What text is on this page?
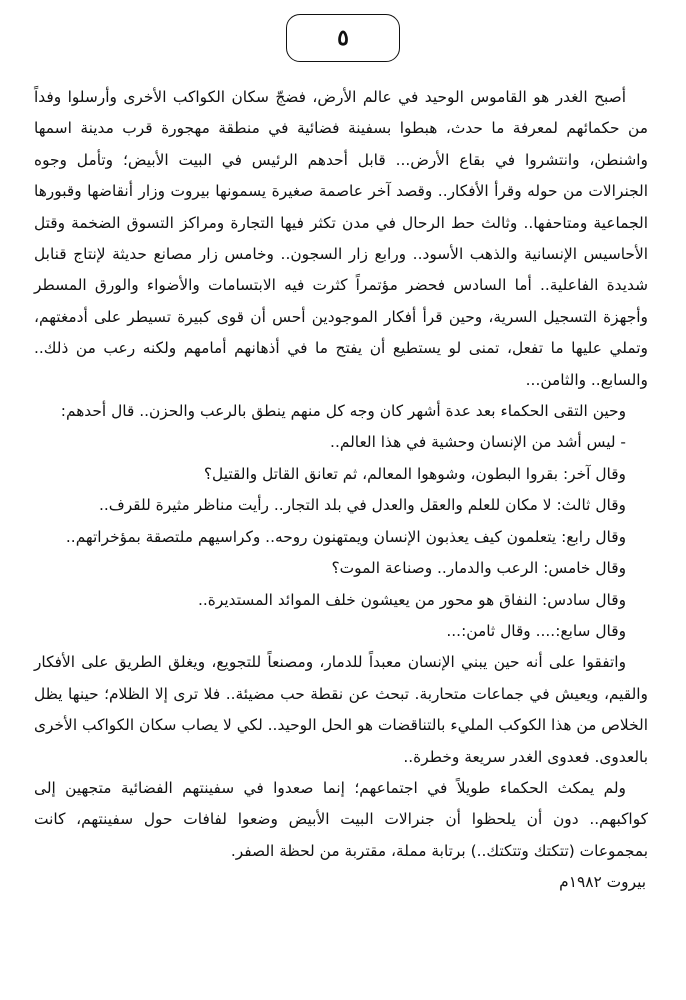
٥

أصبح الغدر هو القاموس الوحيد في عالم الأرض، فضجّ سكان الكواكب الأخرى وأرسلوا وفداً من حكمائهم لمعرفة ما حدث، هبطوا بسفينة فضائية في منطقة مهجورة قرب مدينة اسمها واشنطن، وانتشروا في بقاع الأرض... قابل أحدهم الرئيس في البيت الأبيض؛ وتأمل وجوه الجنرالات من حوله وقرأ الأفكار.. وقصد آخر عاصمة صغيرة يسمونها بيروت وزار أنقاضها وقبورها الجماعية ومتاحفها.. وثالث حط الرحال في مدن تكثر فيها التجارة ومراكز التسوق الضخمة وقتل الأحاسيس الإنسانية والذهب الأسود.. ورابع زار السجون.. وخامس زار مصانع حديثة لإنتاج قنابل شديدة الفاعلية.. أما السادس فحضر مؤتمراً كثرت فيه الابتسامات والأضواء والورق المسطر وأجهزة التسجيل السرية، وحين قرأ أفكار الموجودين أحس أن قوى كبيرة تسيطر على أدمغتهم، وتملي عليها ما تفعل، تمنى لو يستطيع أن يفتح ما في أذهانهم أمامهم ولكنه رعب من ذلك.. والسابع.. والثامن...

وحين التقى الحكماء بعد عدة أشهر كان وجه كل منهم ينطق بالرعب والحزن.. قال أحدهم:

- ليس أشد من الإنسان وحشية في هذا العالم..

وقال آخر: بقروا البطون، وشوهوا المعالم، ثم تعانق القاتل والقتيل؟

وقال ثالث: لا مكان للعلم والعقل والعدل في بلد التجار.. رأيت مناظر مثيرة للقرف..

وقال رابع: يتعلمون كيف يعذبون الإنسان ويمتهنون روحه.. وكراسيهم ملتصقة بمؤخراتهم..

وقال خامس: الرعب والدمار.. وصناعة الموت؟

وقال سادس: النفاق هو محور من يعيشون خلف الموائد المستديرة..

وقال سابع:.... وقال ثامن:...

واتفقوا على أنه حين يبني الإنسان معبداً للدمار، ومصنعاً للتجويع، ويغلق الطريق على الأفكار والقيم، ويعيش في جماعات متحاربة. تبحث عن نقطة حب مضيئة.. فلا ترى إلا الظلام؛ حينها يظل الخلاص من هذا الكوكب المليء بالتناقضات هو الحل الوحيد.. لكي لا يصاب سكان الكواكب الأخرى بالعدوى. فعدوى الغدر سريعة وخطرة..

ولم يمكث الحكماء طويلاً في اجتماعهم؛ إنما صعدوا في سفينتهم الفضائية متجهين إلى كواكبهم.. دون أن يلحظوا أن جنرالات البيت الأبيض وضعوا لفافات حول سفينتهم، كانت بمجموعات (تتكتك وتتكتك..) برتابة مملة، مقتربة من لحظة الصفر.

بيروت ١٩٨٢م
